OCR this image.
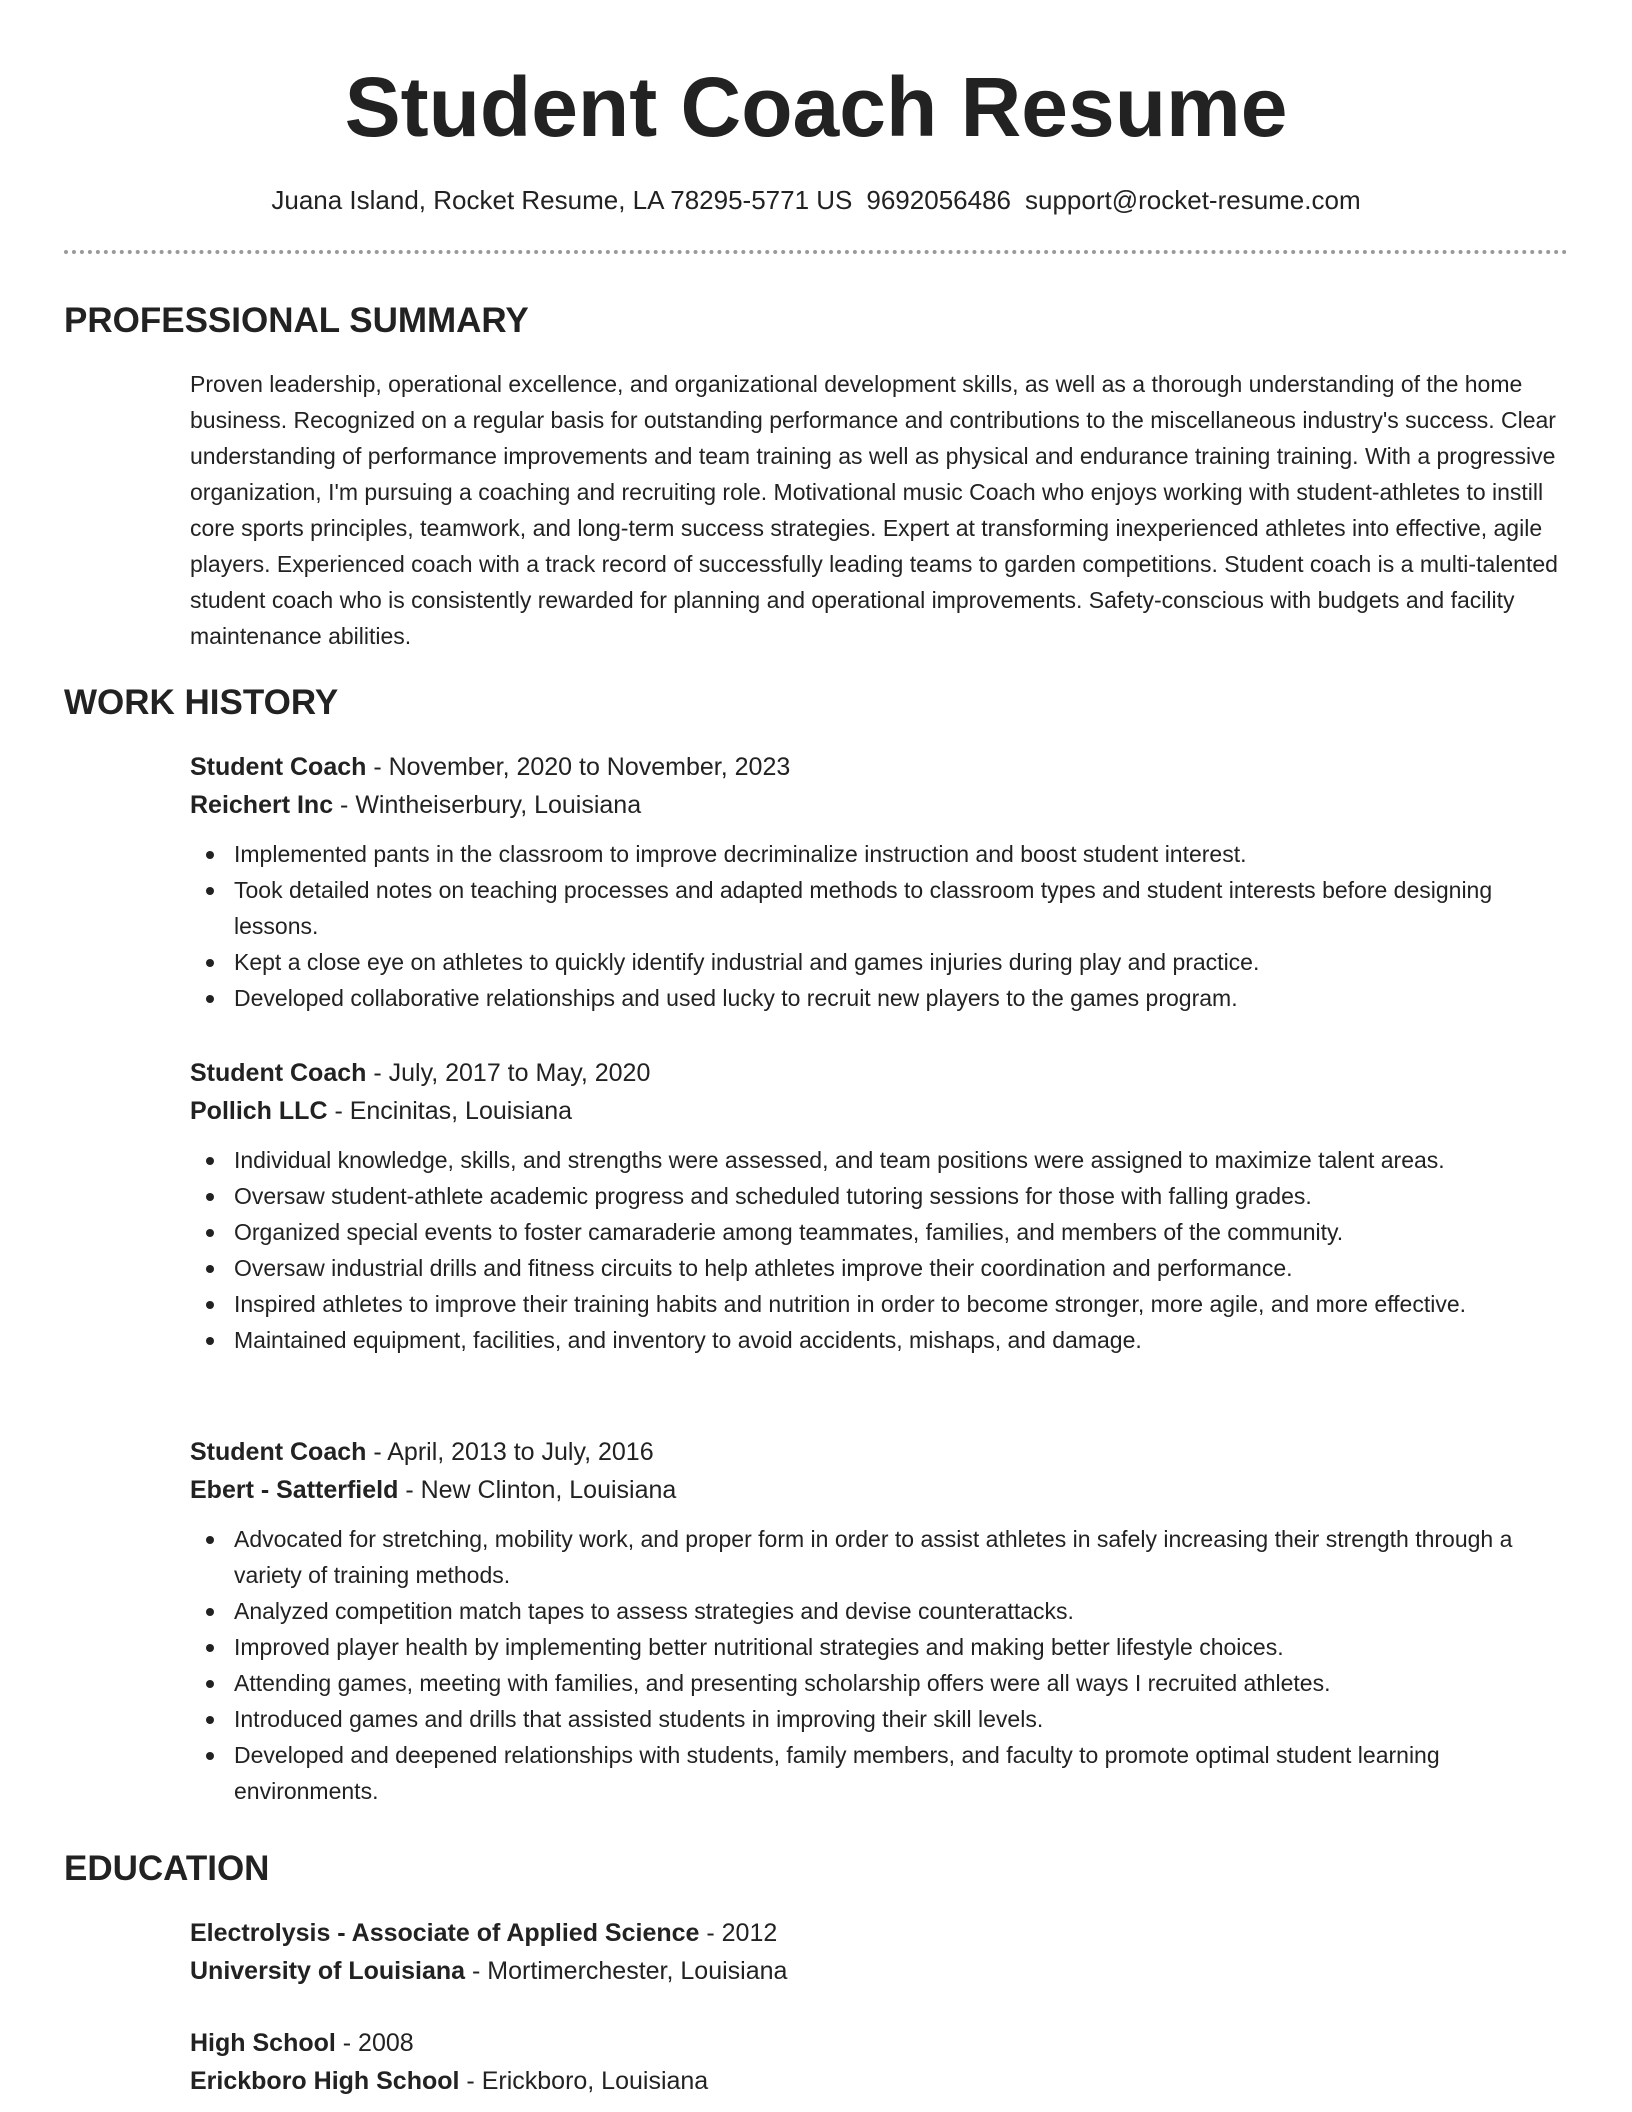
Student Coach Resume
Juana Island, Rocket Resume, LA 78295-5771 US 9692056486 support@rocket-resume.com
PROFESSIONAL SUMMARY
Proven leadership, operational excellence, and organizational development skills, as well as a thorough understanding of the home business. Recognized on a regular basis for outstanding performance and contributions to the miscellaneous industry's success. Clear understanding of performance improvements and team training as well as physical and endurance training training. With a progressive organization, I'm pursuing a coaching and recruiting role. Motivational music Coach who enjoys working with student-athletes to instill core sports principles, teamwork, and long-term success strategies. Expert at transforming inexperienced athletes into effective, agile players. Experienced coach with a track record of successfully leading teams to garden competitions. Student coach is a multi-talented student coach who is consistently rewarded for planning and operational improvements. Safety-conscious with budgets and facility maintenance abilities.
WORK HISTORY
Student Coach - November, 2020 to November, 2023
Reichert Inc - Wintheiserbury, Louisiana
Implemented pants in the classroom to improve decriminalize instruction and boost student interest.
Took detailed notes on teaching processes and adapted methods to classroom types and student interests before designing lessons.
Kept a close eye on athletes to quickly identify industrial and games injuries during play and practice.
Developed collaborative relationships and used lucky to recruit new players to the games program.
Student Coach - July, 2017 to May, 2020
Pollich LLC - Encinitas, Louisiana
Individual knowledge, skills, and strengths were assessed, and team positions were assigned to maximize talent areas.
Oversaw student-athlete academic progress and scheduled tutoring sessions for those with falling grades.
Organized special events to foster camaraderie among teammates, families, and members of the community.
Oversaw industrial drills and fitness circuits to help athletes improve their coordination and performance.
Inspired athletes to improve their training habits and nutrition in order to become stronger, more agile, and more effective.
Maintained equipment, facilities, and inventory to avoid accidents, mishaps, and damage.
Student Coach - April, 2013 to July, 2016
Ebert - Satterfield - New Clinton, Louisiana
Advocated for stretching, mobility work, and proper form in order to assist athletes in safely increasing their strength through a variety of training methods.
Analyzed competition match tapes to assess strategies and devise counterattacks.
Improved player health by implementing better nutritional strategies and making better lifestyle choices.
Attending games, meeting with families, and presenting scholarship offers were all ways I recruited athletes.
Introduced games and drills that assisted students in improving their skill levels.
Developed and deepened relationships with students, family members, and faculty to promote optimal student learning environments.
EDUCATION
Electrolysis - Associate of Applied Science - 2012
University of Louisiana - Mortimerchester, Louisiana
High School - 2008
Erickboro High School - Erickboro, Louisiana
